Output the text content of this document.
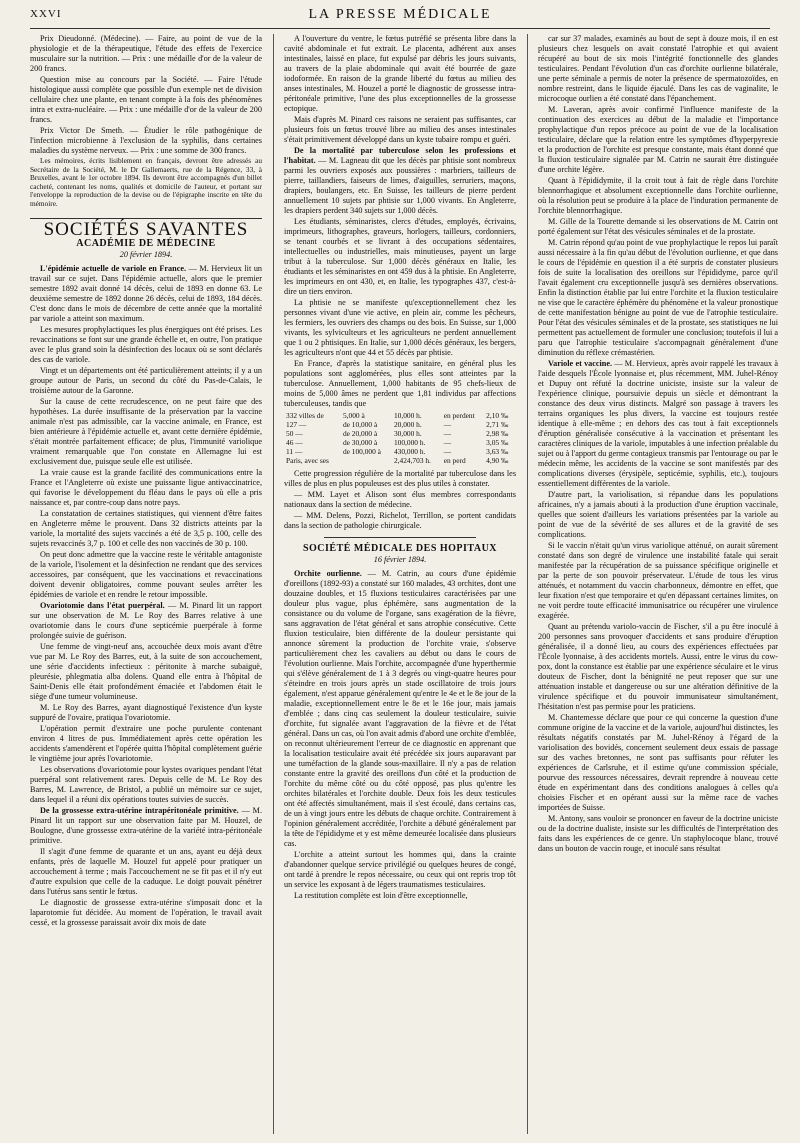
XXVI	LA PRESSE MÉDICALE

Prix Dieudonné. (Médecine). — Faire, au point de vue de la physiologie et de la thérapeutique, l'étude des effets de l'exercice musculaire sur la nutrition. — Prix : une médaille d'or de la valeur de 200 francs.

Question mise au concours par la Société. — Faire l'étude histologique aussi complète que possible d'un exemple net de division cellulaire chez une plante, en tenant compte à la fois des phénomènes intra et extra-nucléaire. — Prix : une médaille d'or de la valeur de 200 francs.

Prix Victor De Smeth. — Étudier le rôle pathogénique de l'infection microbienne à l'exclusion de la syphilis, dans certaines maladies du système nerveux. — Prix : une somme de 300 francs.

Les mémoires, écrits lisiblement en français, devront être adressés au Secrétaire de la Société, M. le Dr Gallemaerts, rue de la Régence, 33, à Bruxelles, avant le 1er octobre 1894. Ils devront être accompagnés d'un billet cacheté, contenant les noms, qualités et domicile de l'auteur, et portant sur l'enveloppe la reproduction de la devise ou de l'épigraphe inscrite en tête du mémoire.

SOCIÉTÉS SAVANTES
ACADÉMIE DE MÉDECINE
20 février 1894.

L'épidémie actuelle de variole en France. — M. Hervieux lit un travail sur ce sujet. Dans l'épidémie actuelle, alors que le premier semestre 1892 avait donné 14 décès, celui de 1893 en donne 63. Le deuxième semestre de 1892 donne 26 décès, celui de 1893, 184 décès. C'est donc dans le mois de décembre de cette année que la mortalité par variole a atteint son maximum.

Les mesures prophylactiques les plus énergiques ont été prises. Les revaccinations se font sur une grande échelle et, en outre, l'on pratique avec le plus grand soin la désinfection des locaux où se sont déclarés des cas de variole.

Vingt et un départements ont été particulièrement atteints; il y a un groupe autour de Paris, un second du côté du Pas-de-Calais, le troisième autour de la Garonne.

Sur la cause de cette recrudescence, on ne peut faire que des hypothèses. La durée insuffisante de la préservation par la vaccine animale n'est pas admissible, car la vaccine animale, en France, est bien antérieure à l'épidémie actuelle et, avant cette dernière épidémie, s'était montrée parfaitement efficace; de plus, l'immunité variolique vraiment remarquable que l'on constate en Allemagne lui est exclusivement due, puisque seule elle est utilisée.

La vraie cause est la grande facilité des communications entre la France et l'Angleterre où existe une puissante ligue antivaccinatrice, qui favorise le développement du fléau dans le pays où elle a pris naissance et, par contre-coup dans notre pays.

La constatation de certaines statistiques, qui viennent d'être faites en Angleterre même le prouvent. Dans 32 districts atteints par la variole, la mortalité des sujets vaccinés a été de 3,5 p. 100, celle des sujets revaccinés 3,7 p. 100 et celle des non vaccinés de 30 p. 100.

On peut donc admettre que la vaccine reste le véritable antagoniste de la variole, l'isolement et la désinfection ne rendant que des services accessoires, par conséquent, que les vaccinations et revaccinations doivent devenir obligatoires, comme pouvant seules arrêter les épidémies de variole et en rendre le retour impossible.

Ovariotomie dans l'état puerpéral. — M. Pinard lit un rapport sur une observation de M. Le Roy des Barres relative à une ovariotomie dans le cours d'une septicémie puerpérale à forme prolongée suivie de guérison.

Une femme de vingt-neuf ans, accouchée deux mois avant d'être vue par M. Le Roy des Barres, eut, à la suite de son accouchement, une série d'accidents infectieux : péritonite à marche subaiguë, pleurésie, phlegmatia alba dolens. Quand elle entra à l'hôpital de Saint-Denis elle était profondément émaciée et l'abdomen était le siège d'une tumeur volumineuse.

M. Le Roy des Barres, ayant diagnostiqué l'existence d'un kyste suppuré de l'ovaire, pratiqua l'ovariotomie.

L'opération permit d'extraire une poche purulente contenant environ 4 litres de pus. Immédiatement après cette opération les accidents s'amendèrent et l'opérée quitta l'hôpital complètement guérie le vingtième jour après l'ovariotomie.

Les observations d'ovariotomie pour kystes ovariques pendant l'état puerpéral sont relativement rares. Depuis celle de M. Le Roy des Barres, M. Lawrence, de Bristol, a publié un mémoire sur ce sujet, dans lequel il a réuni dix opérations toutes suivies de succès.

De la grossesse extra-utérine intrapéritonéale primitive. — M. Pinard lit un rapport sur une observation faite par M. Houzel, de Boulogne, d'une grossesse extra-utérine de la variété intra-péritonéale primitive.

Il s'agit d'une femme de quarante et un ans, ayant eu déjà deux enfants, près de laquelle M. Houzel fut appelé pour pratiquer un accouchement à terme ; mais l'accouchement ne se fit pas et il n'y eut d'autre expulsion que celle de la caduque. Le doigt pouvait pénétrer dans l'utérus sans sentir le fœtus.

Le diagnostic de grossesse extra-utérine s'imposait donc et la laparotomie fut décidée. Au moment de l'opération, le travail avait cessé, et la grossesse paraissait avoir dix mois de date

A l'ouverture du ventre, le fœtus putréfié se présenta libre dans la cavité abdominale et fut extrait. Le placenta, adhérent aux anses intestinales, laissé en place, fut expulsé par débris les jours suivants, au travers de la plaie abdominale qui avait été bourrée de gaze iodoformée. En raison de la grande liberté du fœtus au milieu des anses intestinales, M. Houzel a porté le diagnostic de grossesse intra-péritonéale primitive, l'une des plus exceptionnelles de la grossesse ectopique.

Mais d'après M. Pinard ces raisons ne seraient pas suffisantes, car plusieurs fois un fœtus trouvé libre au milieu des anses intestinales s'était primitivement développé dans un kyste tubaire rompu et guéri.

De la mortalité par tuberculose selon les professions et l'habitat. — M. Lagneau dit que les décès par phtisie sont nombreux parmi les ouvriers exposés aux poussières : marbriers, tailleurs de pierre, taillandiers, faiseurs de limes, d'aiguilles, serruriers, maçons, drapiers, boulangers, etc. En Suisse, les tailleurs de pierre perdent annuellement 10 sujets par phtisie sur 1,000 vivants. En Angleterre, les drapiers perdent 340 sujets sur 1,000 décès.

Les étudiants, séminaristes, clercs d'études, employés, écrivains, imprimeurs, lithographes, graveurs, horlogers, tailleurs, cordonniers, se tenant courbés et se livrant à des occupations sédentaires, intellectuelles ou industrielles, mais minutieuses, payent un large tribut à la tuberculose. Sur 1,000 décès généraux en Italie, les étudiants et les séminaristes en ont 459 dus à la phtisie. En Angleterre, les imprimeurs en ont 430, et, en Italie, les typographes 437, c'est-à-dire un tiers environ.

La phtisie ne se manifeste qu'exceptionnellement chez les personnes vivant d'une vie active, en plein air, comme les pêcheurs, les fermiers, les ouvriers des champs ou des bois. En Suisse, sur 1,000 vivants, les sylviculteurs et les agriculteurs ne perdent annuellement que 1 ou 2 phtisiques. En Italie, sur 1,000 décès généraux, les bergers, les agriculteurs n'ont que 44 et 55 décès par phtisie.

En France, d'après la statistique sanitaire, en général plus les populations sont agglomérées, plus elles sont atteintes par la tuberculose. Annuellement, 1,000 habitants de 95 chefs-lieux de moins de 5,000 âmes ne perdent que 1,81 individus par affections tuberculeuses, tandis que

332 villes de	5,000 à	10,000 h.	en perdent	2,10 ‰
127 —	de 10,000 à	20,000 h.	—	2,71 ‰
50 —	de 20,000 à	30,000 h.	—	2,98 ‰
46 —	de 30,000 à	100,000 h.	—	3,05 ‰
11 —	de 100,000 à	430,000 h.	—	3,63 ‰
Paris, avec ses		2,424,703 h.	en perd	4,90 ‰

Cette progression régulière de la mortalité par tuberculose dans les villes de plus en plus populeuses est des plus utiles à constater.

— MM. Layet et Alison sont élus membres correspondants nationaux dans la section de médecine.

— MM. Delens, Pozzi, Richelot, Terrillon, se portent candidats dans la section de pathologie chirurgicale.

SOCIÉTÉ MÉDICALE DES HOPITAUX
16 février 1894.

Orchite ourlienne. — M. Catrin, au cours d'une épidémie d'oreillons (1892-93) a constaté sur 160 malades, 43 orchites, dont une douzaine doubles, et 15 fluxions testiculaires caractérisées par une douleur plus vague, plus éphémère, sans augmentation de la consistance ou du volume de l'organe, sans exagération de la fièvre, sans aggravation de l'état général et sans atrophie consécutive. Cette fluxion testiculaire, bien différente de la douleur persistante qui annonce sûrement la production de l'orchite vraie, s'observe particulièrement chez les cavaliers au début ou dans le cours de l'évolution ourlienne. Mais l'orchite, accompagnée d'une hyperthermie qui s'élève généralement de 1 à 3 degrés ou vingt-quatre heures pour s'éteindre en trois jours après un stade oscillatoire de trois jours également, n'est apparue généralement qu'entre le 4e et le 8e jour de la maladie, exceptionnellement entre le 8e et le 16e jour, mais jamais d'emblée ; dans cinq cas seulement la douleur testiculaire, suivie d'orchite, fut signalée avant l'aggravation de la fièvre et de l'état général. Dans un cas, où l'on avait admis d'abord une orchite d'emblée, on reconnut ultérieurement l'erreur de ce diagnostic en apprenant que la localisation testiculaire avait été précédée six jours auparavant par une tuméfaction de la glande sous-maxillaire. Il n'y a pas de relation constante entre la gravité des oreillons d'un côté et la production de l'orchite du même côté ou du côté opposé, pas plus qu'entre les orchites bilatérales et l'orchite double. Deux fois les deux testicules ont été affectés simultanément, mais il s'est écoulé, dans certains cas, de un à vingt jours entre les débuts de chaque orchite. Contrairement à l'opinion généralement accréditée, l'orchite a débuté généralement par la tête de l'épididyme et y est même demeurée localisée dans plusieurs cas.

L'orchite a atteint surtout les hommes qui, dans la crainte d'abandonner quelque service privilégié ou quelques heures de congé, ont tardé à prendre le repos nécessaire, ou ceux qui ont repris trop tôt un service les exposant à de légers traumatismes testiculaires.

La restitution complète est loin d'être exceptionnelle,

car sur 37 malades, examinés au bout de sept à douze mois, il en est plusieurs chez lesquels on avait constaté l'atrophie et qui avaient récupéré au bout de six mois l'intégrité fonctionnelle des glandes testiculaires. Pendant l'évolution d'un cas d'orchite ourlienne bilatérale, une perte séminale a permis de noter la présence de spermatozoïdes, en nombre restreint, dans le liquide éjaculé. Dans les cas de vaginalite, le microcoque ourlien a été constaté dans l'épanchement.

M. Laveran, après avoir confirmé l'influence manifeste de la continuation des exercices au début de la maladie et l'importance prophylactique d'un repos précoce au point de vue de la localisation testiculaire, déclare que la relation entre les symptômes d'hyperpyrexie et la production de l'orchite est presque constante, mais étant donné que la fluxion testiculaire signalée par M. Catrin ne saurait être distinguée d'une orchite légère.

Quant à l'épididymite, il la croit tout à fait de règle dans l'orchite blennorrhagique et absolument exceptionnelle dans l'orchite ourlienne, où la résolution peut se produire à la place de l'induration permanente de l'orchite blennorrhagique.

M. Gille de la Tourette demande si les observations de M. Catrin ont porté également sur l'état des vésicules séminales et de la prostate.

M. Catrin répond qu'au point de vue prophylactique le repos lui paraît aussi nécessaire à la fin qu'au début de l'évolution ourlienne, et que dans le cours de l'épidémie en question il a été surpris de constater plusieurs fois de suite la localisation des oreillons sur l'épididyme, parce qu'il l'avait également cru exceptionnelle jusqu'à ses dernières observations. Enfin la distinction établie par lui entre l'orchite et la fluxion testiculaire ne vise que le caractère éphémère du phénomène et la valeur pronostique de cette manifestation bénigne au point de vue de l'atrophie testiculaire. Pour l'état des vésicules séminales et de la prostate, ses statistiques ne lui permettent pas actuellement de formuler une conclusion; toutefois il lui a paru que l'atrophie testiculaire s'accompagnait généralement d'une diminution du réflexe crémastérien.

Variole et vaccine. — M. Hervieux, après avoir rappelé les travaux à l'aide desquels l'École lyonnaise et, plus récemment, MM. Juhel-Rénoy et Dupuy ont réfuté la doctrine uniciste, insiste sur la valeur de l'expérience clinique, poursuivie depuis un siècle et démontrant la constance des deux virus distincts. Malgré son passage à travers les terrains organiques les plus divers, la vaccine est toujours restée identique à elle-même ; en dehors des cas tout à fait exceptionnels d'éruption généralisée consécutive à la vaccination et présentant les caractères cliniques de la variole, imputables à une infection préalable du sujet ou à l'apport du germe contagieux transmis par l'entourage ou par le médecin même, les accidents de la vaccine se sont manifestés par des complications diverses (érysipèle, septicémie, syphilis, etc.), toujours essentiellement différentes de la variole.

D'autre part, la variolisation, si répandue dans les populations africaines, n'y a jamais abouti à la production d'une éruption vaccinale, quelles que soient d'ailleurs les variations présentées par la variole au point de vue de la sévérité de ses allures et de la gravité de ses complications.

Si le vaccin n'était qu'un virus variolique atténué, on aurait sûrement constaté dans son degré de virulence une instabilité fatale qui serait manifestée par la récupération de sa puissance spécifique originelle et par la perte de son pouvoir préservateur. L'étude de tous les virus atténués, et notamment du vaccin charbonneux, démontre en effet, que leur fixation n'est que temporaire et qu'en dépassant certaines limites, on ne voit perdre toute efficacité immunisatrice ou récupérer une virulence exagérée.

Quant au prétendu variolo-vaccin de Fischer, s'il a pu être inoculé à 200 personnes sans provoquer d'accidents et sans produire d'éruption généralisée, il a donné lieu, au cours des expériences effectuées par l'École lyonnaise, à des accidents mortels. Aussi, entre le virus du cow-pox, dont la constance est établie par une expérience séculaire et le virus douteux de Fischer, dont la bénignité ne peut reposer que sur une atténuation instable et dangereuse ou sur une altération définitive de la virulence spécifique et du pouvoir immunisateur simultanément, l'hésitation n'est pas permise pour les praticiens.

M. Chantemesse déclare que pour ce qui concerne la question d'une commune origine de la vaccine et de la variole, aujourd'hui distinctes, les résultats négatifs constatés par M. Juhel-Rénoy à l'égard de la variolisation des bovidés, concernent seulement deux essais de passage sur des vaches bretonnes, ne sont pas suffisants pour réfuter les expériences de Carlsruhe, et il estime qu'une commission spéciale, pourvue des ressources nécessaires, devrait reprendre à nouveau cette étude en expérimentant dans des conditions analogues à celles qu'a choisies Fischer et en opérant aussi sur la même race de vaches importées de Suisse.

M. Antony, sans vouloir se prononcer en faveur de la doctrine uniciste ou de la doctrine dualiste, insiste sur les difficultés de l'interprétation des faits dans les expériences de ce genre. Un staphylocoque blanc, trouvé dans un bouton de vaccin rouge, et inoculé sans résultat
